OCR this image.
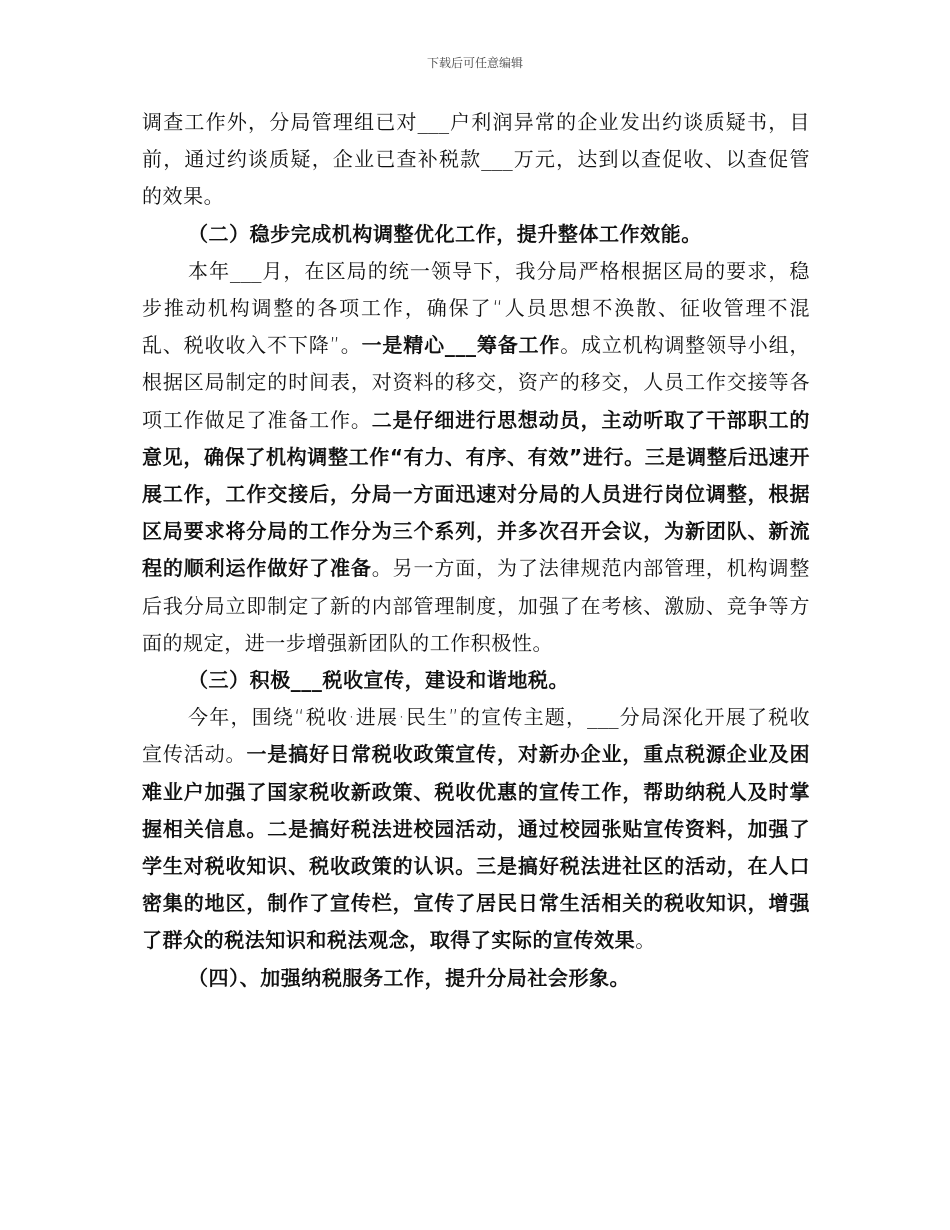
下载后可任意编辑

调查工作外，分局管理组已对___户利润异常的企业发出约谈质疑书，目前，通过约谈质疑，企业已查补税款___万元，达到以查促收、以查促管的效果。

（二）稳步完成机构调整优化工作，提升整体工作效能。

本年___月，在区局的统一领导下，我分局严格根据区局的要求，稳步推动机构调整的各项工作，确保了“人员思想不涣散、征收管理不混乱、税收收入不下降”。一是精心___筹备工作。成立机构调整领导小组，根据区局制定的时间表，对资料的移交，资产的移交，人员工作交接等各项工作做足了准备工作。二是仔细进行思想动员，主动听取了干部职工的意见，确保了机构调整工作“有力、有序、有效”进行。三是调整后迅速开展工作，工作交接后，分局一方面迅速对分局的人员进行岗位调整，根据区局要求将分局的工作分为三个系列，并多次召开会议，为新团队、新流程的顺利运作做好了准备。另一方面，为了法律规范内部管理，机构调整后我分局立即制定了新的内部管理制度，加强了在考核、激励、竞争等方面的规定，进一步增强新团队的工作积极性。

（三）积极___税收宣传，建设和谐地税。

今年，围绕“税收·进展·民生”的宣传主题，___分局深化开展了税收宣传活动。一是搞好日常税收政策宣传，对新办企业，重点税源企业及困难业户加强了国家税收新政策、税收优惠的宣传工作，帮助纳税人及时掌握相关信息。二是搞好税法进校园活动，通过校园张贴宣传资料，加强了学生对税收知识、税收政策的认识。三是搞好税法进社区的活动，在人口密集的地区，制作了宣传栏，宣传了居民日常生活相关的税收知识，增强了群众的税法知识和税法观念，取得了实际的宣传效果。

（四）、加强纳税服务工作，提升分局社会形象。
